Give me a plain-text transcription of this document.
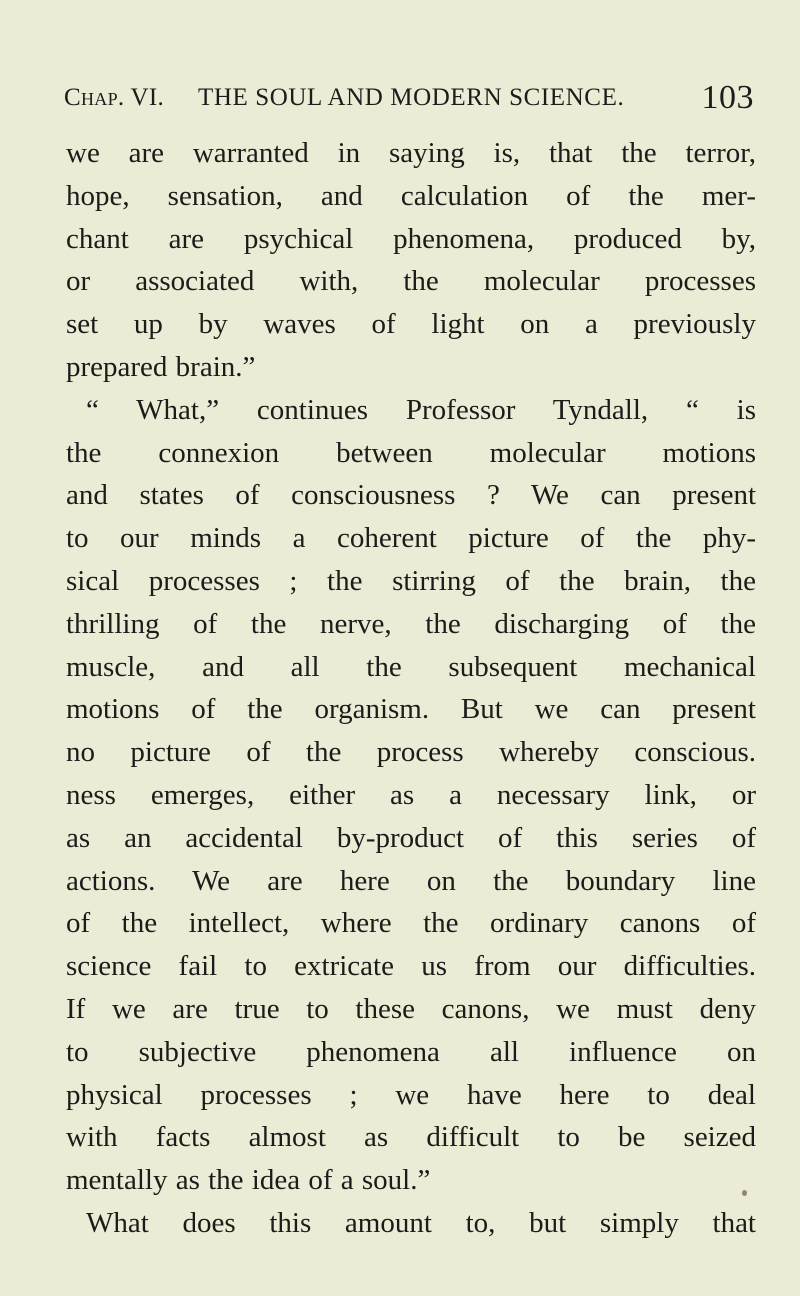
Chap. VI. THE SOUL AND MODERN SCIENCE. 103
we are warranted in saying is, that the terror,
hope, sensation, and calculation of the mer-
chant are psychical phenomena, produced by,
or associated with, the molecular processes
set up by waves of light on a previously
prepared brain.”
“ What,” continues Professor Tyndall, “ is
the connexion between molecular motions
and states of consciousness ? We can present
to our minds a coherent picture of the phy-
sical processes ; the stirring of the brain, the
thrilling of the nerve, the discharging of the
muscle, and all the subsequent mechanical
motions of the organism. But we can present
no picture of the process whereby conscious.
ness emerges, either as a necessary link, or
as an accidental by-product of this series of
actions. We are here on the boundary line
of the intellect, where the ordinary canons of
science fail to extricate us from our difficulties.
If we are true to these canons, we must deny
to subjective phenomena all influence on
physical processes ; we have here to deal
with facts almost as difficult to be seized
mentally as the idea of a soul.”
What does this amount to, but simply that
